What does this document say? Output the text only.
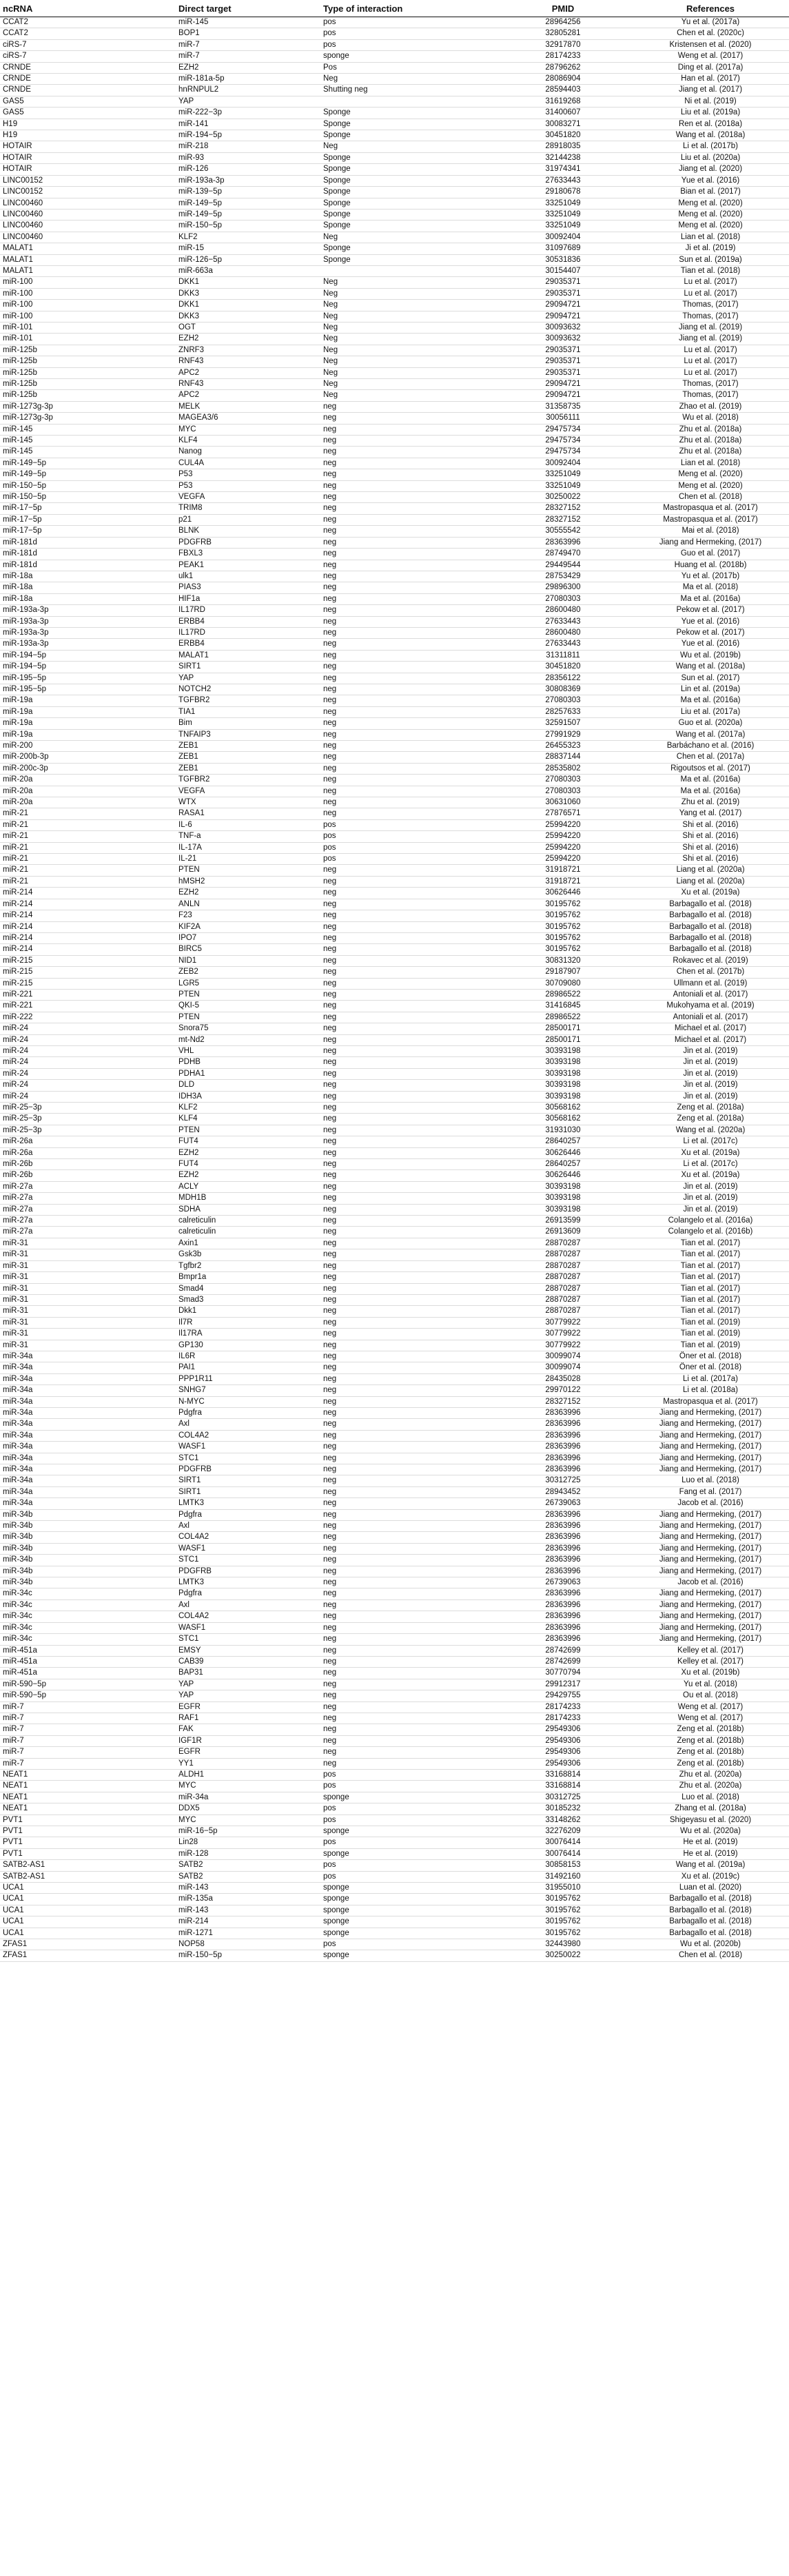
ncRNA	Direct target	Type of interaction	PMID	References
CCAT2	miR-145	pos	28964256	Yu et al. (2017a)
CCAT2	BOP1	pos	32805281	Chen et al. (2020c)
ciRS-7	miR-7	pos	32917870	Kristensen et al. (2020)
ciRS-7	miR-7	sponge	28174233	Weng et al. (2017)
CRNDE	EZH2	Pos	28796262	Ding et al. (2017a)
CRNDE	miR-181a-5p	Neg	28086904	Han et al. (2017)
CRNDE	hnRNPUL2	Shutting neg	28594403	Jiang et al. (2017)
GAS5	YAP		31619268	Ni et al. (2019)
GAS5	miR-222−3p	Sponge	31400607	Liu et al. (2019a)
H19	miR-141	Sponge	30083271	Ren et al. (2018a)
H19	miR-194−5p	Sponge	30451820	Wang et al. (2018a)
HOTAIR	miR-218	Neg	28918035	Li et al. (2017b)
HOTAIR	miR-93	Sponge	32144238	Liu et al. (2020a)
HOTAIR	miR-126	Sponge	31974341	Jiang et al. (2020)
LINC00152	miR-193a-3p	Sponge	27633443	Yue et al. (2016)
LINC00152	miR-139−5p	Sponge	29180678	Bian et al. (2017)
LINC00460	miR-149−5p	Sponge	33251049	Meng et al. (2020)
LINC00460	miR-149−5p	Sponge	33251049	Meng et al. (2020)
LINC00460	miR-150−5p	Sponge	33251049	Meng et al. (2020)
LINC00460	KLF2	Neg	30092404	Lian et al. (2018)
MALAT1	miR-15	Sponge	31097689	Ji et al. (2019)
MALAT1	miR-126−5p	Sponge	30531836	Sun et al. (2019a)
MALAT1	miR-663a		30154407	Tian et al. (2018)
miR-100	DKK1	Neg	29035371	Lu et al. (2017)
miR-100	DKK3	Neg	29035371	Lu et al. (2017)
miR-100	DKK1	Neg	29094721	Thomas, (2017)
miR-100	DKK3	Neg	29094721	Thomas, (2017)
miR-101	OGT	Neg	30093632	Jiang et al. (2019)
miR-101	EZH2	Neg	30093632	Jiang et al. (2019)
miR-125b	ZNRF3	Neg	29035371	Lu et al. (2017)
miR-125b	RNF43	Neg	29035371	Lu et al. (2017)
miR-125b	APC2	Neg	29035371	Lu et al. (2017)
miR-125b	RNF43	Neg	29094721	Thomas, (2017)
miR-125b	APC2	Neg	29094721	Thomas, (2017)
miR-1273g-3p	MELK	neg	31358735	Zhao et al. (2019)
miR-1273g-3p	MAGEA3/6	neg	30056111	Wu et al. (2018)
miR-145	MYC	neg	29475734	Zhu et al. (2018a)
miR-145	KLF4	neg	29475734	Zhu et al. (2018a)
miR-145	Nanog	neg	29475734	Zhu et al. (2018a)
miR-149−5p	CUL4A	neg	30092404	Lian et al. (2018)
miR-149−5p	P53	neg	33251049	Meng et al. (2020)
miR-150−5p	P53	neg	33251049	Meng et al. (2020)
miR-150−5p	VEGFA	neg	30250022	Chen et al. (2018)
miR-17−5p	TRIM8	neg	28327152	Mastropasqua et al. (2017)
miR-17−5p	p21	neg	28327152	Mastropasqua et al. (2017)
miR-17−5p	BLNK	neg	30555542	Mai et al. (2018)
miR-181d	PDGFRB	neg	28363996	Jiang and Hermeking, (2017)
miR-181d	FBXL3	neg	28749470	Guo et al. (2017)
miR-181d	PEAK1	neg	29449544	Huang et al. (2018b)
miR-18a	ulk1	neg	28753429	Yu et al. (2017b)
miR-18a	PIAS3	neg	29896300	Ma et al. (2018)
miR-18a	HIF1a	neg	27080303	Ma et al. (2016a)
miR-193a-3p	IL17RD	neg	28600480	Pekow et al. (2017)
miR-193a-3p	ERBB4	neg	27633443	Yue et al. (2016)
miR-193a-3p	IL17RD	neg	28600480	Pekow et al. (2017)
miR-193a-3p	ERBB4	neg	27633443	Yue et al. (2016)
miR-194−5p	MALAT1	neg	31311811	Wu et al. (2019b)
miR-194−5p	SIRT1	neg	30451820	Wang et al. (2018a)
miR-195−5p	YAP	neg	28356122	Sun et al. (2017)
miR-195−5p	NOTCH2	neg	30808369	Lin et al. (2019a)
miR-19a	TGFBR2	neg	27080303	Ma et al. (2016a)
miR-19a	TIA1	neg	28257633	Liu et al. (2017a)
miR-19a	Bim	neg	32591507	Guo et al. (2020a)
miR-19a	TNFAIP3	neg	27991929	Wang et al. (2017a)
miR-200	ZEB1	neg	26455323	Barbáchano et al. (2016)
miR-200b-3p	ZEB1	neg	28837144	Chen et al. (2017a)
miR-200c-3p	ZEB1	neg	28535802	Rigoutsos et al. (2017)
miR-20a	TGFBR2	neg	27080303	Ma et al. (2016a)
miR-20a	VEGFA	neg	27080303	Ma et al. (2016a)
miR-20a	WTX	neg	30631060	Zhu et al. (2019)
miR-21	RASA1	neg	27876571	Yang et al. (2017)
miR-21	IL-6	pos	25994220	Shi et al. (2016)
miR-21	TNF-a	pos	25994220	Shi et al. (2016)
miR-21	IL-17A	pos	25994220	Shi et al. (2016)
miR-21	IL-21	pos	25994220	Shi et al. (2016)
miR-21	PTEN	neg	31918721	Liang et al. (2020a)
miR-21	hMSH2	neg	31918721	Liang et al. (2020a)
miR-214	EZH2	neg	30626446	Xu et al. (2019a)
miR-214	ANLN	neg	30195762	Barbagallo et al. (2018)
miR-214	F23	neg	30195762	Barbagallo et al. (2018)
miR-214	KIF2A	neg	30195762	Barbagallo et al. (2018)
miR-214	IPO7	neg	30195762	Barbagallo et al. (2018)
miR-214	BIRC5	neg	30195762	Barbagallo et al. (2018)
miR-215	NID1	neg	30831320	Rokavec et al. (2019)
miR-215	ZEB2	neg	29187907	Chen et al. (2017b)
miR-215	LGR5	neg	30709080	Ullmann et al. (2019)
miR-221	PTEN	neg	28986522	Antoniali et al. (2017)
miR-221	QKI-5	neg	31416845	Mukohyama et al. (2019)
miR-222	PTEN	neg	28986522	Antoniali et al. (2017)
miR-24	Snora75	neg	28500171	Michael et al. (2017)
miR-24	mt-Nd2	neg	28500171	Michael et al. (2017)
miR-24	VHL	neg	30393198	Jin et al. (2019)
miR-24	PDHB	neg	30393198	Jin et al. (2019)
miR-24	PDHA1	neg	30393198	Jin et al. (2019)
miR-24	DLD	neg	30393198	Jin et al. (2019)
miR-24	IDH3A	neg	30393198	Jin et al. (2019)
miR-25−3p	KLF2	neg	30568162	Zeng et al. (2018a)
miR-25−3p	KLF4	neg	30568162	Zeng et al. (2018a)
miR-25−3p	PTEN	neg	31931030	Wang et al. (2020a)
miR-26a	FUT4	neg	28640257	Li et al. (2017c)
miR-26a	EZH2	neg	30626446	Xu et al. (2019a)
miR-26b	FUT4	neg	28640257	Li et al. (2017c)
miR-26b	EZH2	neg	30626446	Xu et al. (2019a)
miR-27a	ACLY	neg	30393198	Jin et al. (2019)
miR-27a	MDH1B	neg	30393198	Jin et al. (2019)
miR-27a	SDHA	neg	30393198	Jin et al. (2019)
miR-27a	calreticulin	neg	26913599	Colangelo et al. (2016a)
miR-27a	calreticulin	neg	26913609	Colangelo et al. (2016b)
miR-31	Axin1	neg	28870287	Tian et al. (2017)
miR-31	Gsk3b	neg	28870287	Tian et al. (2017)
miR-31	Tgfbr2	neg	28870287	Tian et al. (2017)
miR-31	Bmpr1a	neg	28870287	Tian et al. (2017)
miR-31	Smad4	neg	28870287	Tian et al. (2017)
miR-31	Smad3	neg	28870287	Tian et al. (2017)
miR-31	Dkk1	neg	28870287	Tian et al. (2017)
miR-31	Il7R	neg	30779922	Tian et al. (2019)
miR-31	Il17RA	neg	30779922	Tian et al. (2019)
miR-31	GP130	neg	30779922	Tian et al. (2019)
miR-34a	IL6R	neg	30099074	Öner et al. (2018)
miR-34a	PAI1	neg	30099074	Öner et al. (2018)
miR-34a	PPP1R11	neg	28435028	Li et al. (2017a)
miR-34a	SNHG7	neg	29970122	Li et al. (2018a)
miR-34a	N-MYC	neg	28327152	Mastropasqua et al. (2017)
miR-34a	Pdgfra	neg	28363996	Jiang and Hermeking, (2017)
miR-34a	Axl	neg	28363996	Jiang and Hermeking, (2017)
miR-34a	COL4A2	neg	28363996	Jiang and Hermeking, (2017)
miR-34a	WASF1	neg	28363996	Jiang and Hermeking, (2017)
miR-34a	STC1	neg	28363996	Jiang and Hermeking, (2017)
miR-34a	PDGFRB	neg	28363996	Jiang and Hermeking, (2017)
miR-34a	SIRT1	neg	30312725	Luo et al. (2018)
miR-34a	SIRT1	neg	28943452	Fang et al. (2017)
miR-34a	LMTK3	neg	26739063	Jacob et al. (2016)
miR-34b	Pdgfra	neg	28363996	Jiang and Hermeking, (2017)
miR-34b	Axl	neg	28363996	Jiang and Hermeking, (2017)
miR-34b	COL4A2	neg	28363996	Jiang and Hermeking, (2017)
miR-34b	WASF1	neg	28363996	Jiang and Hermeking, (2017)
miR-34b	STC1	neg	28363996	Jiang and Hermeking, (2017)
miR-34b	PDGFRB	neg	28363996	Jiang and Hermeking, (2017)
miR-34b	LMTK3	neg	26739063	Jacob et al. (2016)
miR-34c	Pdgfra	neg	28363996	Jiang and Hermeking, (2017)
miR-34c	Axl	neg	28363996	Jiang and Hermeking, (2017)
miR-34c	COL4A2	neg	28363996	Jiang and Hermeking, (2017)
miR-34c	WASF1	neg	28363996	Jiang and Hermeking, (2017)
miR-34c	STC1	neg	28363996	Jiang and Hermeking, (2017)
miR-451a	EMSY	neg	28742699	Kelley et al. (2017)
miR-451a	CAB39	neg	28742699	Kelley et al. (2017)
miR-451a	BAP31	neg	30770794	Xu et al. (2019b)
miR-590−5p	YAP	neg	29912317	Yu et al. (2018)
miR-590−5p	YAP	neg	29429755	Ou et al. (2018)
miR-7	EGFR	neg	28174233	Weng et al. (2017)
miR-7	RAF1	neg	28174233	Weng et al. (2017)
miR-7	FAK	neg	29549306	Zeng et al. (2018b)
miR-7	IGF1R	neg	29549306	Zeng et al. (2018b)
miR-7	EGFR	neg	29549306	Zeng et al. (2018b)
miR-7	YY1	neg	29549306	Zeng et al. (2018b)
NEAT1	ALDH1	pos	33168814	Zhu et al. (2020a)
NEAT1	MYC	pos	33168814	Zhu et al. (2020a)
NEAT1	miR-34a	sponge	30312725	Luo et al. (2018)
NEAT1	DDX5	pos	30185232	Zhang et al. (2018a)
PVT1	MYC	pos	33148262	Shigeyasu et al. (2020)
PVT1	miR-16−5p	sponge	32276209	Wu et al. (2020a)
PVT1	Lin28	pos	30076414	He et al. (2019)
PVT1	miR-128	sponge	30076414	He et al. (2019)
SATB2-AS1	SATB2	pos	30858153	Wang et al. (2019a)
SATB2-AS1	SATB2	pos	31492160	Xu et al. (2019c)
UCA1	miR-143	sponge	31955010	Luan et al. (2020)
UCA1	miR-135a	sponge	30195762	Barbagallo et al. (2018)
UCA1	miR-143	sponge	30195762	Barbagallo et al. (2018)
UCA1	miR-214	sponge	30195762	Barbagallo et al. (2018)
UCA1	miR-1271	sponge	30195762	Barbagallo et al. (2018)
ZFAS1	NOP58	pos	32443980	Wu et al. (2020b)
ZFAS1	miR-150−5p	sponge	30250022	Chen et al. (2018)
